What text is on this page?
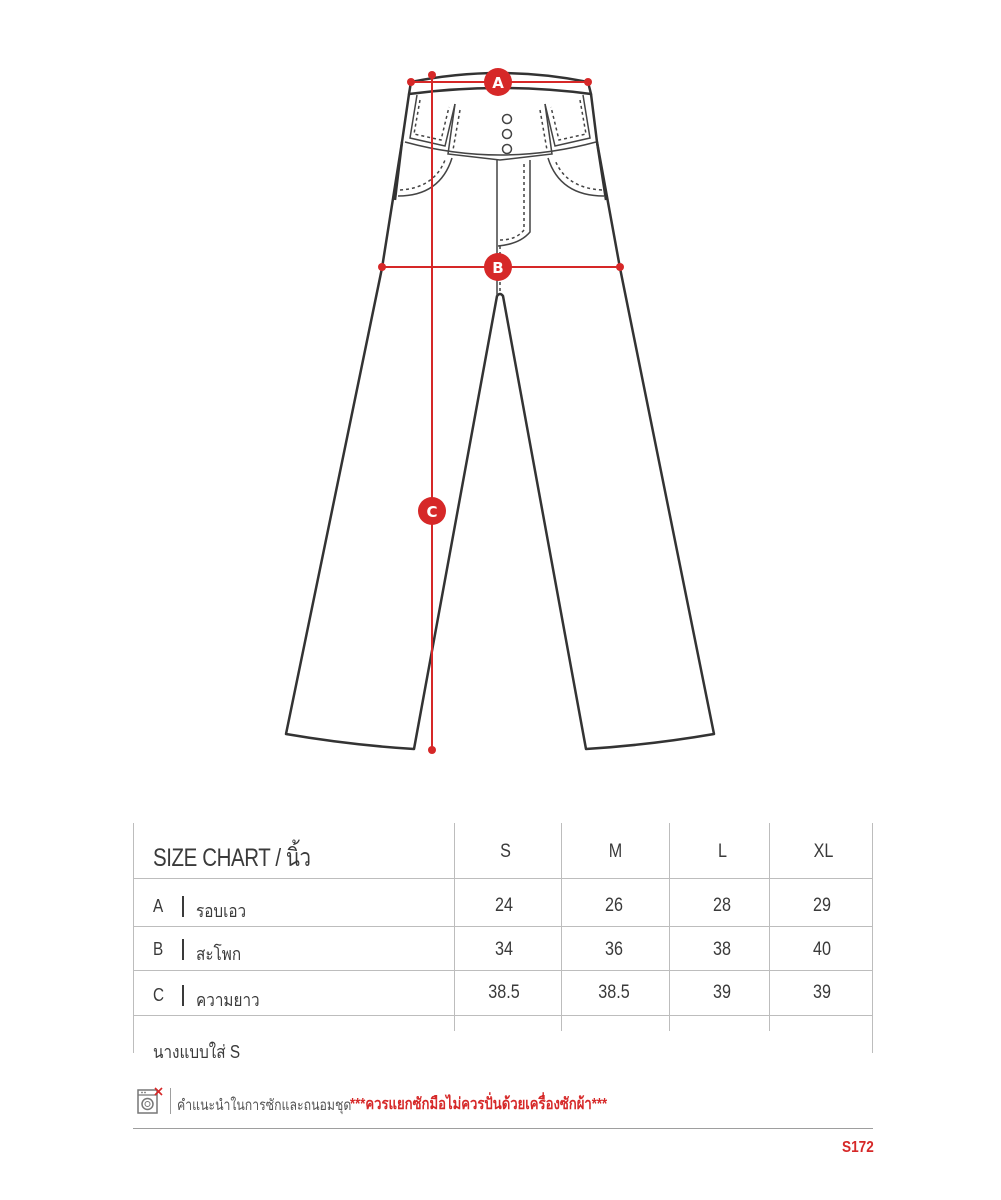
A
B
C
SIZE CHART / นิ้ว	S	M	L	XL
A รอบเอว	24	26	28	29
B สะโพก	34	36	38	40
C ความยาว	38.5	38.5	39	39
นางแบบใส่ S
คำแนะนำในการซักและถนอมชุด
***ควรแยกซักมือไม่ควรปั่นด้วยเครื่องซักผ้า***
S172
